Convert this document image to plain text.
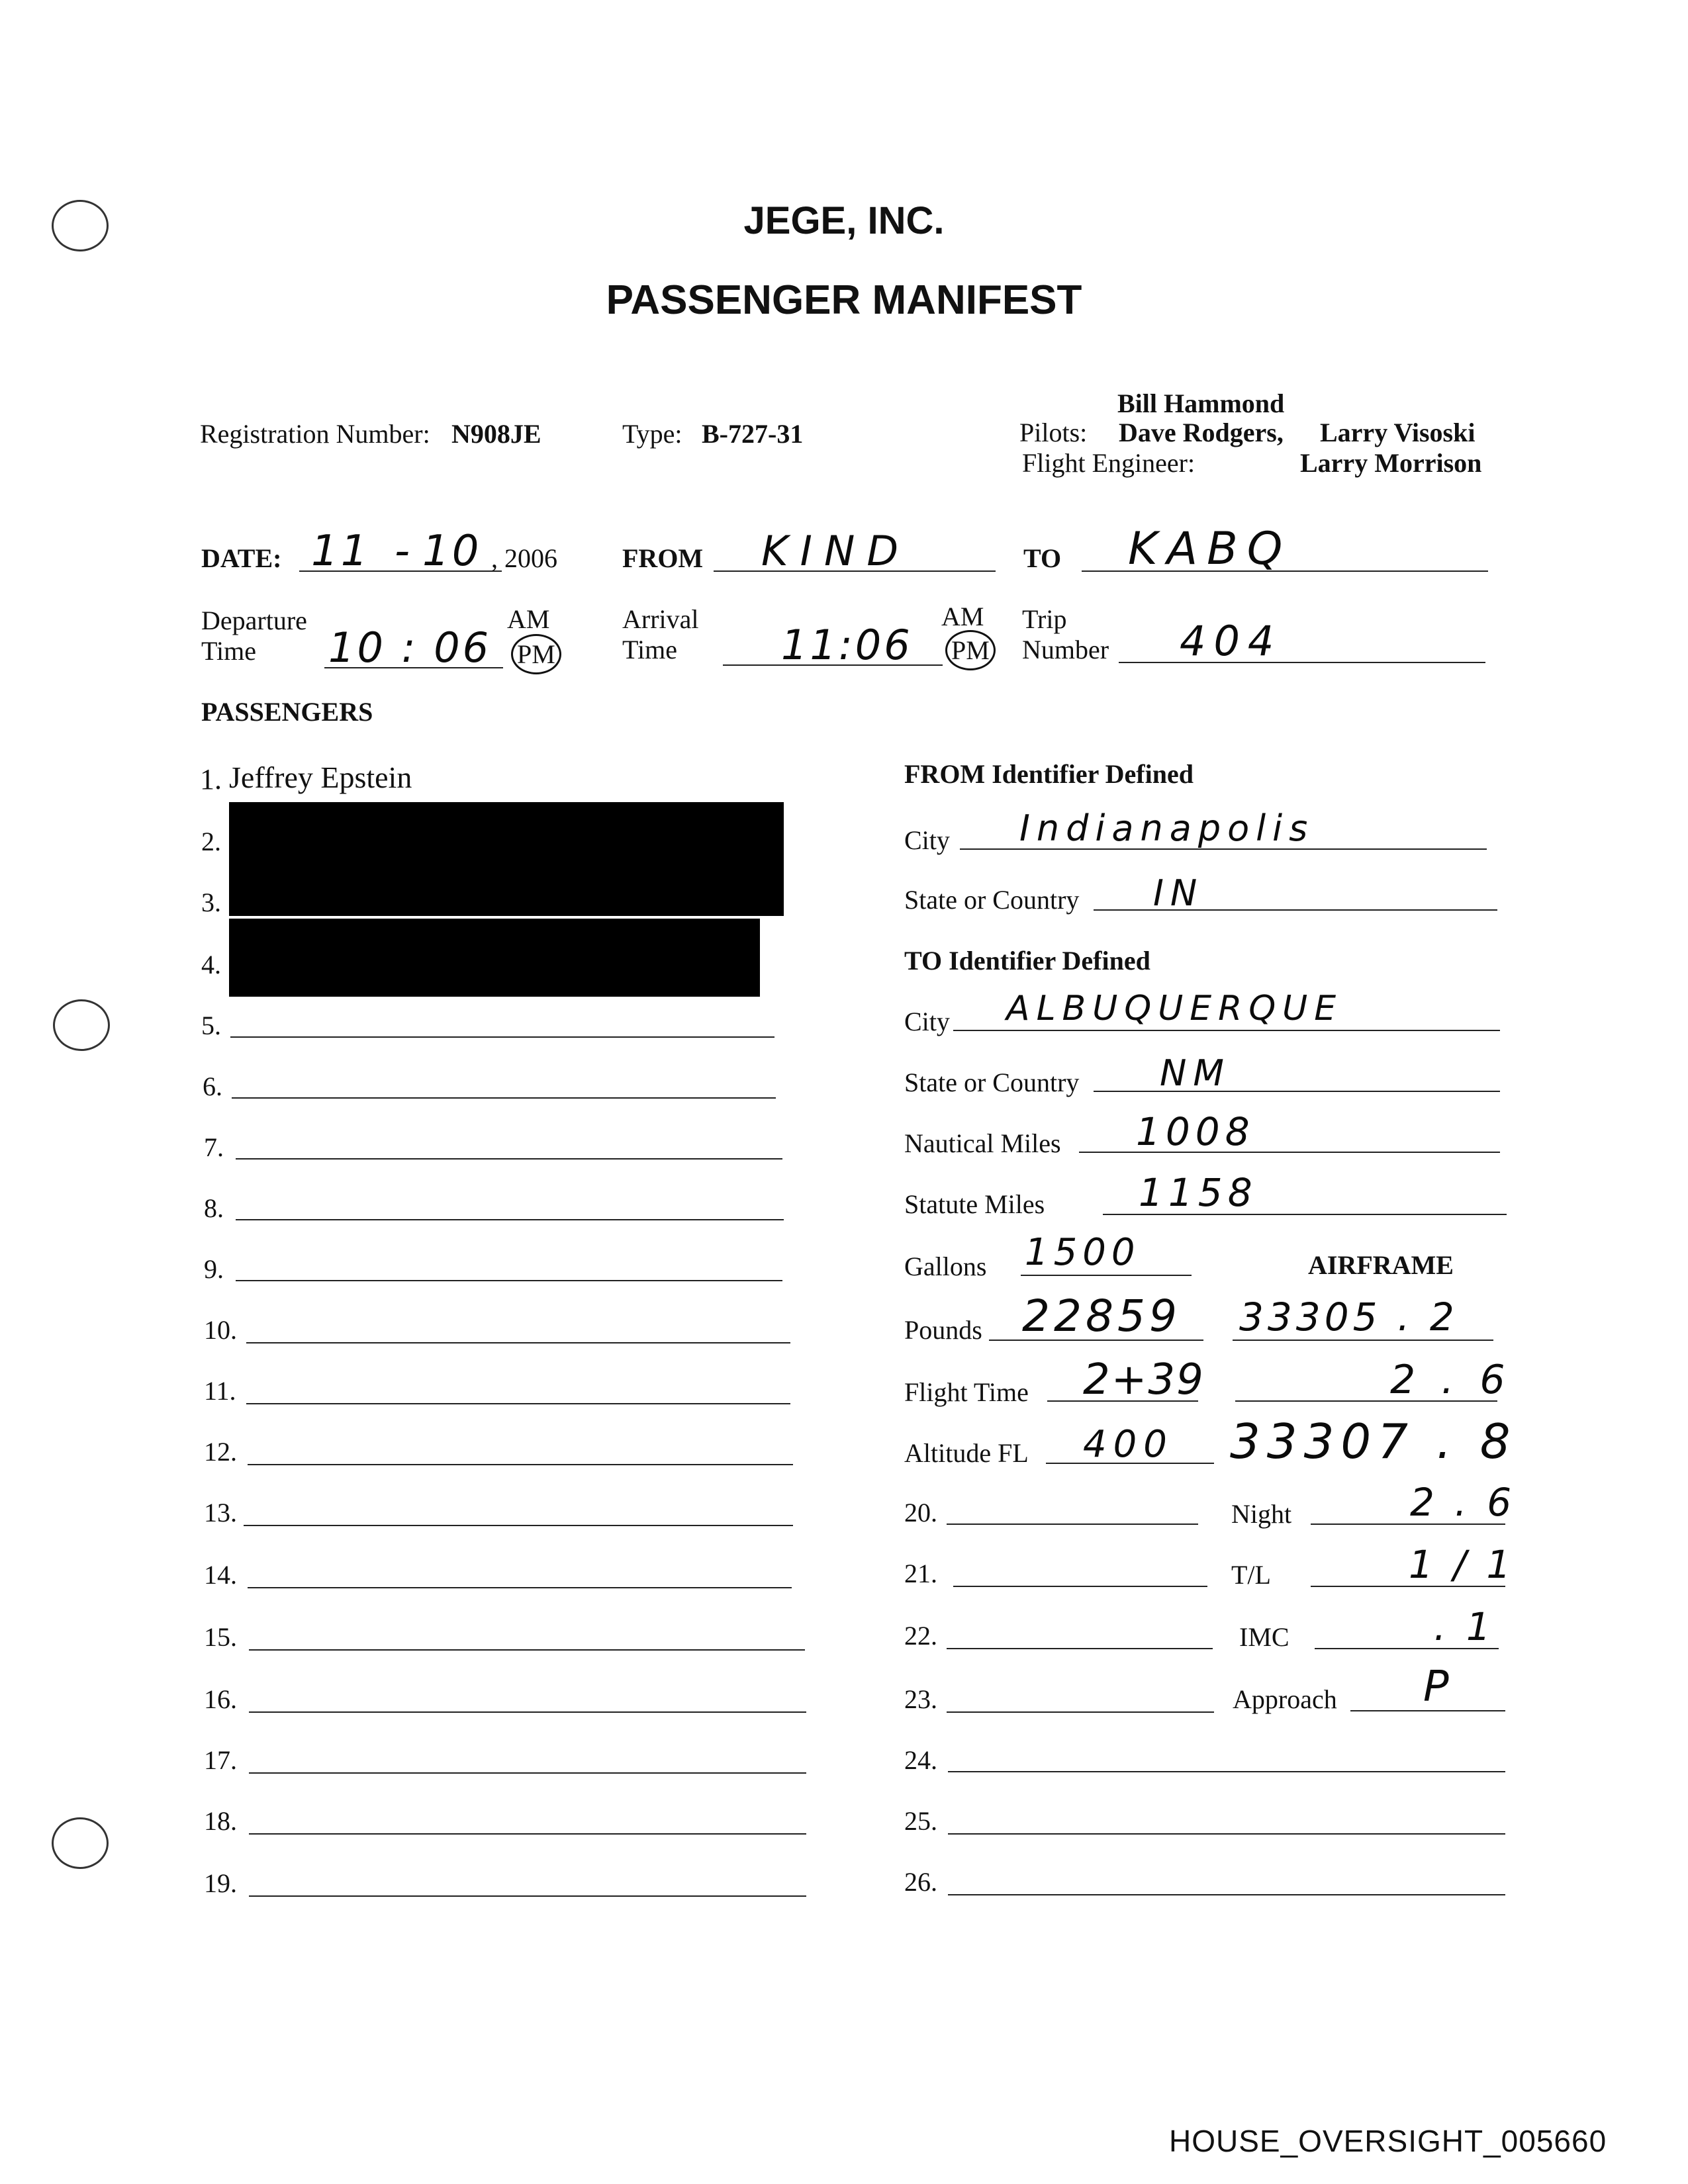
JEGE, INC.
PASSENGER MANIFEST
Registration Number: N908JE	Type: B-727-31
Bill Hammond
Pilots: Dave Rodgers, Larry Visoski
Flight Engineer:	Larry Morrison
DATE: 11 - 10 , 2006 FROM KIND	TO KABQ
Departure
Time 10 : 06
AM
PM
Arrival
Time	11:06
AM
PM
Trip
Number 404
PASSENGERS
1. Jeffrey Epstein
2.
3.
4.
5.
6.
7.
8.
9.
10.
11.
12.
13.
14.
15.
16.
17.
18.
19.
FROM Identifier Defined
City Indianapolis
State or Country IN
TO Identifier Defined
City ALBUQUERQUE
State or Country NM
Nautical Miles 1008
Statute Miles 1158
Gallons 1500	AIRFRAME
Pounds 22859 33305 . 2
Flight Time 2+39	2 . 6
Altitude FL 400 33307 . 8
Night	2 . 6
T/L	1 / 1
IMC	. 1
Approach P
20.
21.
22.
23.
24.
25.
26.
HOUSE_OVERSIGHT_005660
